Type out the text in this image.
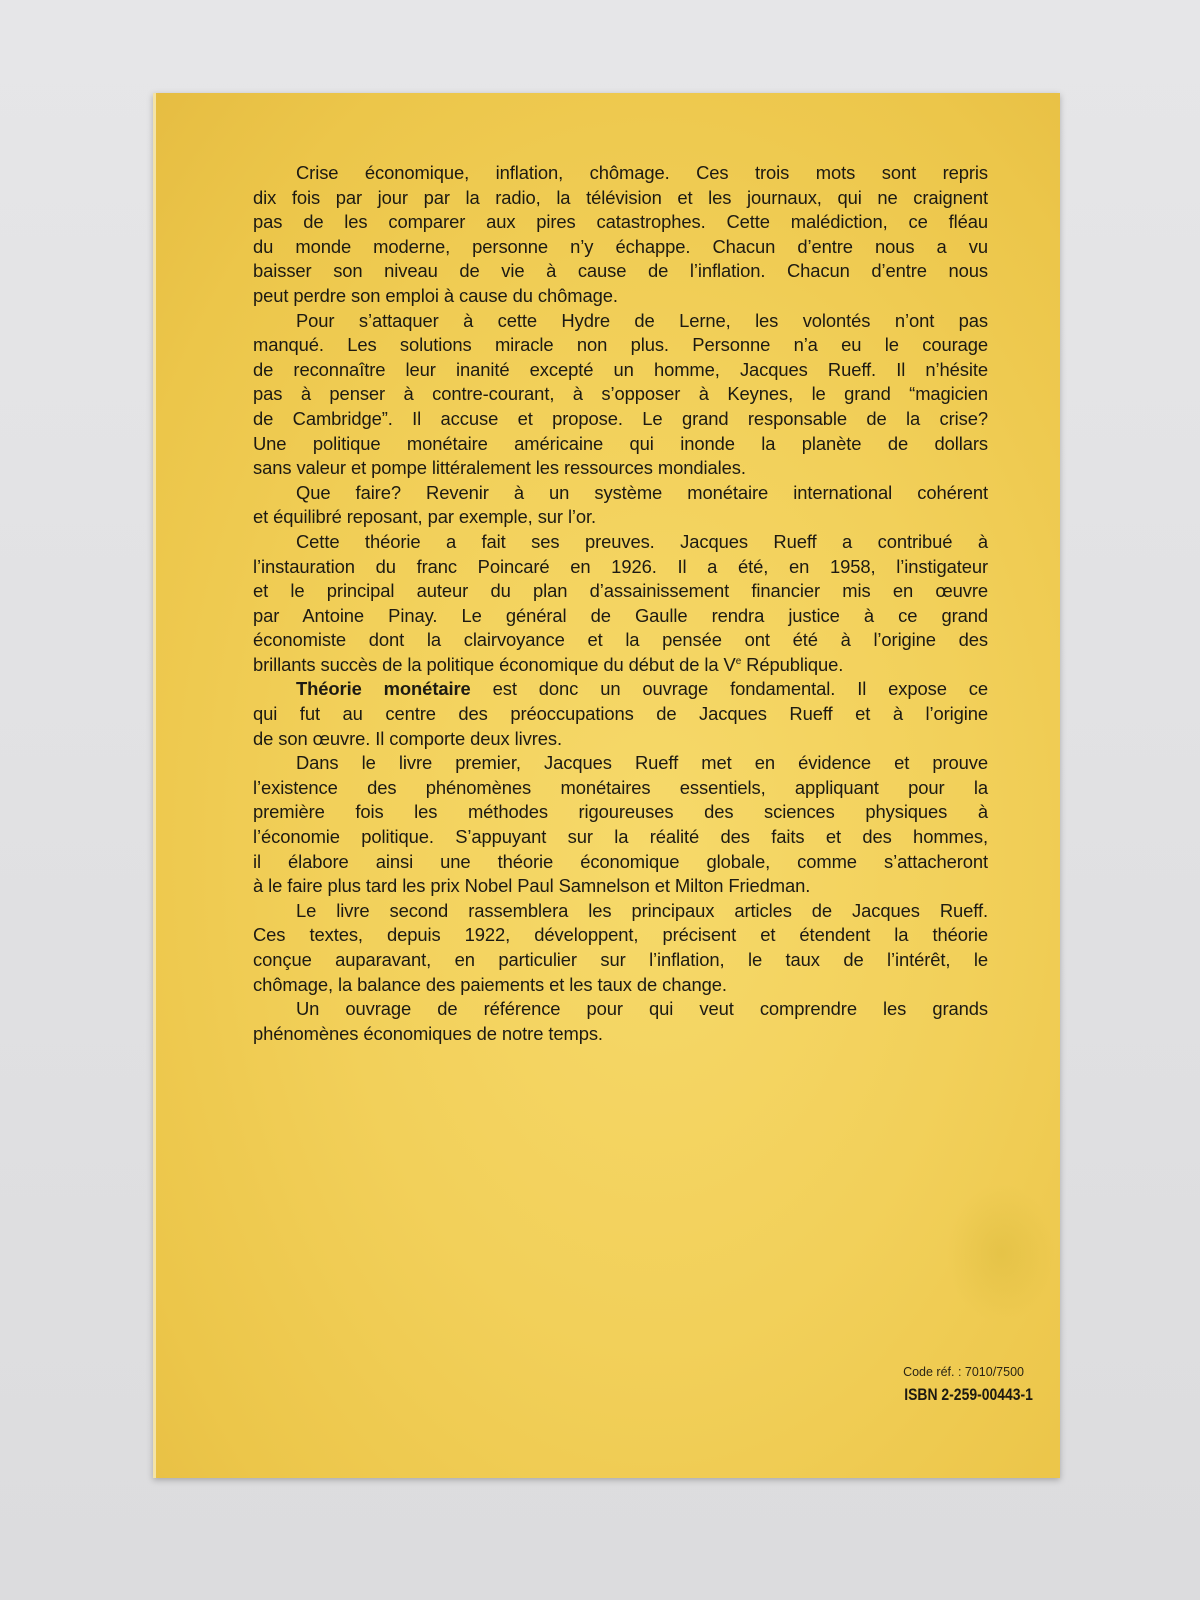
Crise économique, inflation, chômage. Ces trois mots sont repris
dix fois par jour par la radio, la télévision et les journaux, qui ne craignent
pas de les comparer aux pires catastrophes. Cette malédiction, ce fléau
du monde moderne, personne n’y échappe. Chacun d’entre nous a vu
baisser son niveau de vie à cause de l’inflation. Chacun d’entre nous
peut perdre son emploi à cause du chômage.
Pour s’attaquer à cette Hydre de Lerne, les volontés n’ont pas
manqué. Les solutions miracle non plus. Personne n’a eu le courage
de reconnaître leur inanité excepté un homme, Jacques Rueff. Il n’hésite
pas à penser à contre-courant, à s’opposer à Keynes, le grand “magicien
de Cambridge”. Il accuse et propose. Le grand responsable de la crise?
Une politique monétaire américaine qui inonde la planète de dollars
sans valeur et pompe littéralement les ressources mondiales.
Que faire? Revenir à un système monétaire international cohérent
et équilibré reposant, par exemple, sur l’or.
Cette théorie a fait ses preuves. Jacques Rueff a contribué à
l’instauration du franc Poincaré en 1926. Il a été, en 1958, l’instigateur
et le principal auteur du plan d’assainissement financier mis en œuvre
par Antoine Pinay. Le général de Gaulle rendra justice à ce grand
économiste dont la clairvoyance et la pensée ont été à l’origine des
brillants succès de la politique économique du début de la Ve République.
Théorie monétaire est donc un ouvrage fondamental. Il expose ce
qui fut au centre des préoccupations de Jacques Rueff et à l’origine
de son œuvre. Il comporte deux livres.
Dans le livre premier, Jacques Rueff met en évidence et prouve
l’existence des phénomènes monétaires essentiels, appliquant pour la
première fois les méthodes rigoureuses des sciences physiques à
l’économie politique. S’appuyant sur la réalité des faits et des hommes,
il élabore ainsi une théorie économique globale, comme s’attacheront
à le faire plus tard les prix Nobel Paul Samnelson et Milton Friedman.
Le livre second rassemblera les principaux articles de Jacques Rueff.
Ces textes, depuis 1922, développent, précisent et étendent la théorie
conçue auparavant, en particulier sur l’inflation, le taux de l’intérêt, le
chômage, la balance des paiements et les taux de change.
Un ouvrage de référence pour qui veut comprendre les grands
phénomènes économiques de notre temps.
Code réf. : 7010/7500
ISBN 2-259-00443-1
